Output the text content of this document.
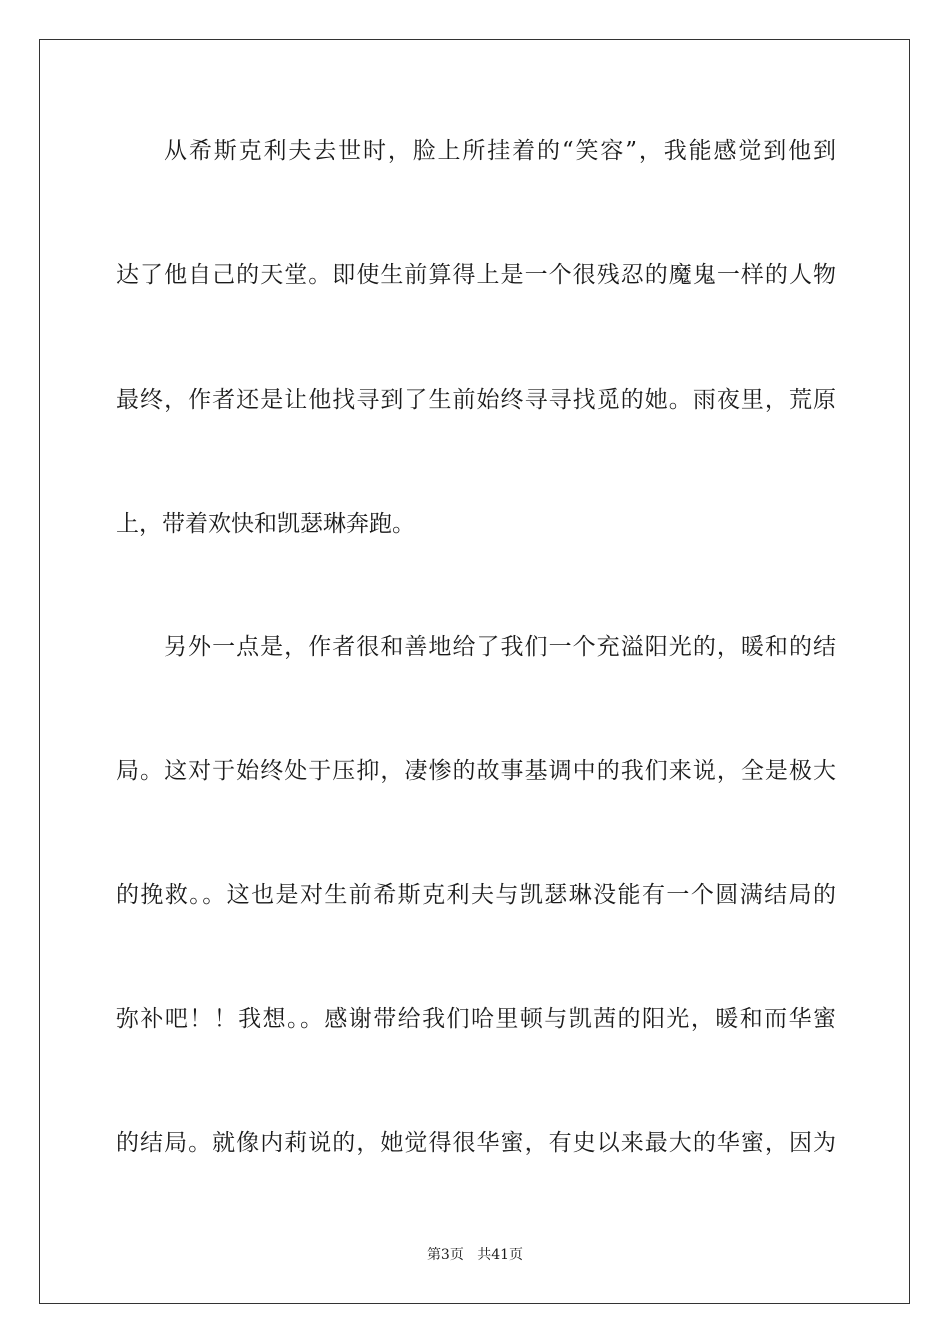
从希斯克利夫去世时，脸上所挂着的“笑容”，我能感觉到他到
达了他自己的天堂。即使生前算得上是一个很残忍的魔鬼一样的人物
最终，作者还是让他找寻到了生前始终寻寻找觅的她。雨夜里，荒原
上，带着欢快和凯瑟琳奔跑。
另外一点是，作者很和善地给了我们一个充溢阳光的，暖和的结
局。这对于始终处于压抑，凄惨的故事基调中的我们来说，全是极大
的挽救。。这也是对生前希斯克利夫与凯瑟琳没能有一个圆满结局的
弥补吧！！我想。。感谢带给我们哈里顿与凯茜的阳光，暖和而华蜜
的结局。就像内莉说的，她觉得很华蜜，有史以来最大的华蜜，因为
第3页 共41页
